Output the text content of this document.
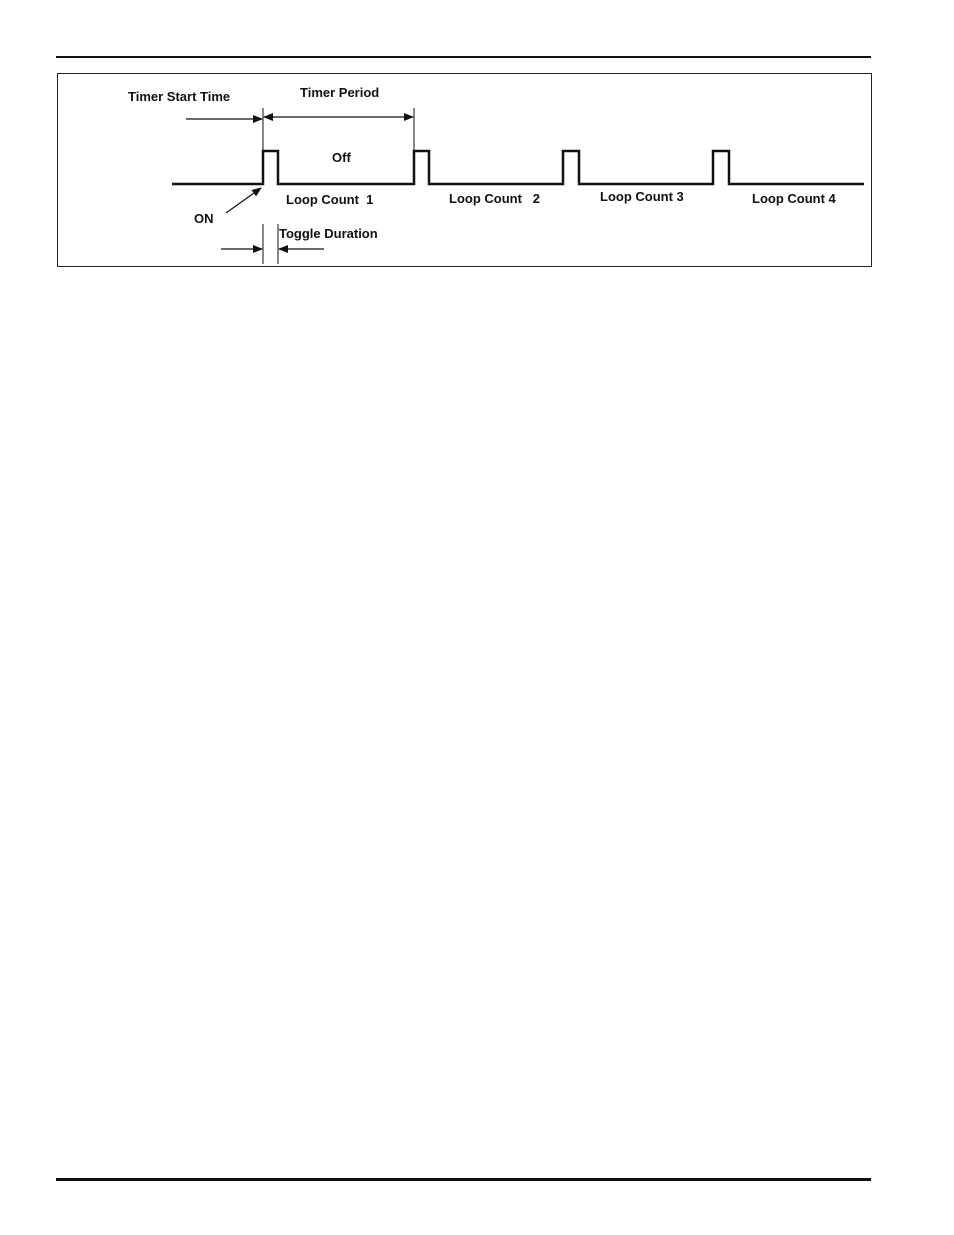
Timer Start Time	Timer Period
Off
ON
Toggle Duration
Loop Count  1	Loop Count   2	Loop Count 3	Loop Count 4
